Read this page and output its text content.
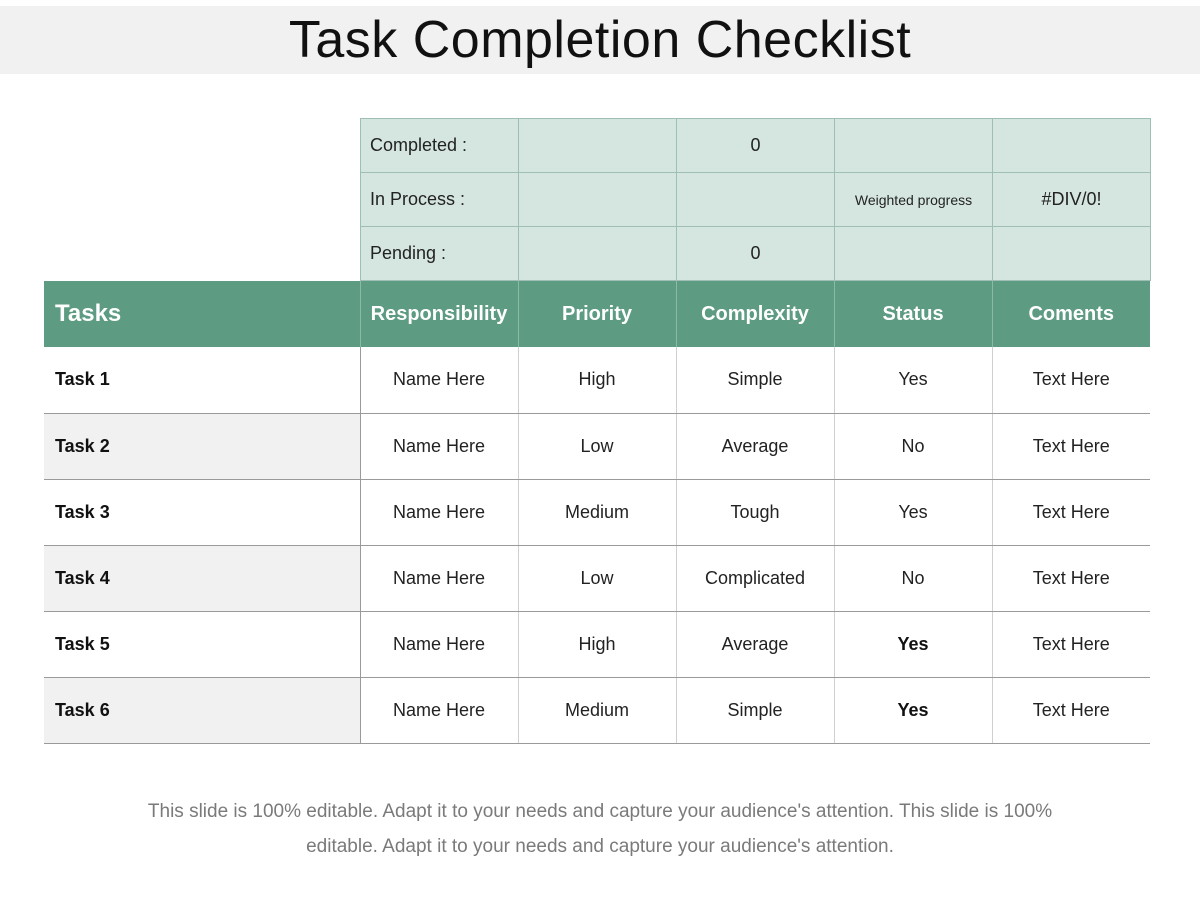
Task Completion Checklist
Completed :		0		
In Process :			Weighted progress	#DIV/0!
Pending :		0		
Tasks	Responsibility	Priority	Complexity	Status	Coments
Task 1	Name Here	High	Simple	Yes	Text Here
Task 2	Name Here	Low	Average	No	Text Here
Task 3	Name Here	Medium	Tough	Yes	Text Here
Task 4	Name Here	Low	Complicated	No	Text Here
Task 5	Name Here	High	Average	Yes	Text Here
Task 6	Name Here	Medium	Simple	Yes	Text Here
This slide is 100% editable. Adapt it to your needs and capture your audience's attention. This slide is 100%
editable. Adapt it to your needs and capture your audience's attention.
